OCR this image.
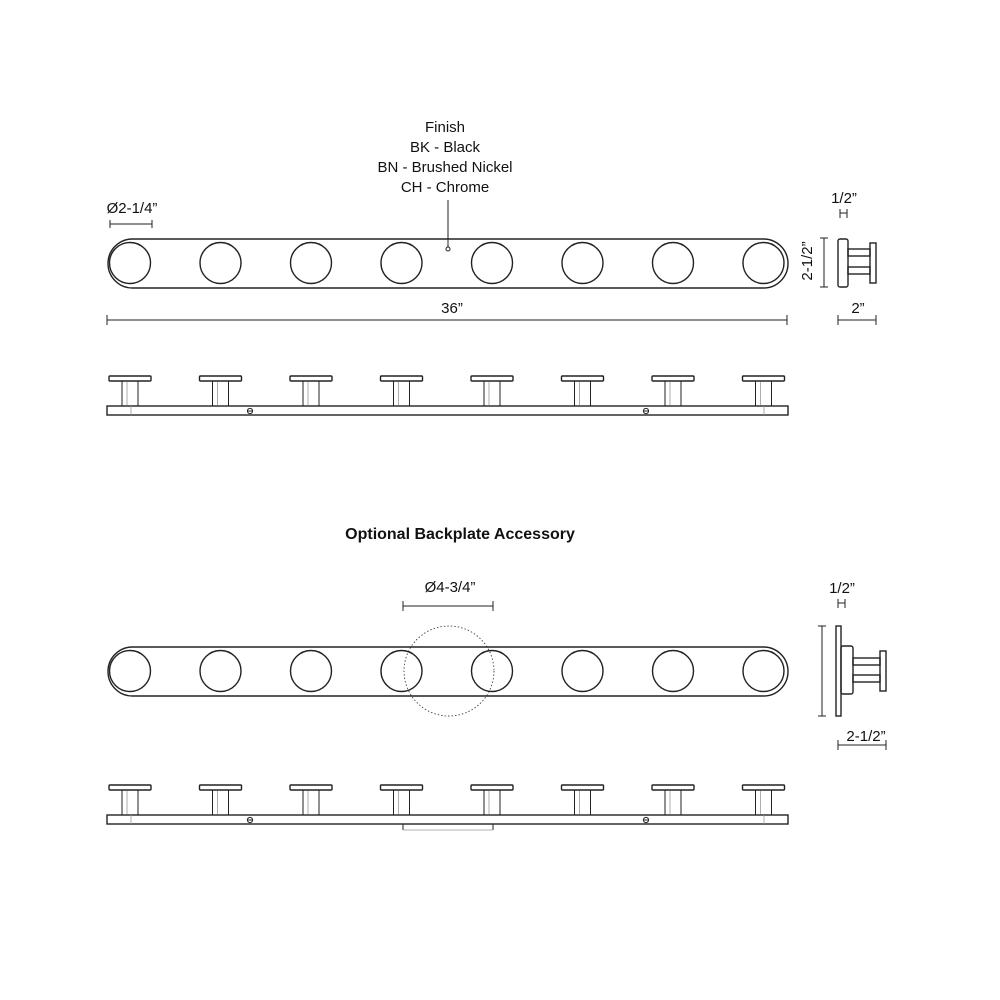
Finish
BK - Black
BN - Brushed Nickel
CH - Chrome
Ø2-1/4”
36”
1/2”
2-1/2”
2”
Optional Backplate Accessory
Ø4-3/4”	1/2”
2-1/2”
